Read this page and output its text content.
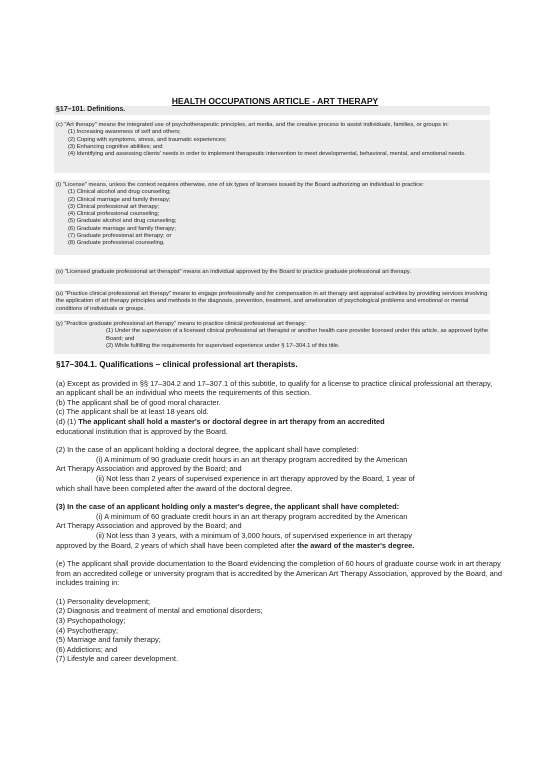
HEALTH OCCUPATIONS ARTICLE - ART THERAPY

§17–101. Definitions.

(c) "Art therapy" means the integrated use of psychotherapeutic principles, art media, and the creative process to assist individuals, families, or groups in:

(1) Increasing awareness of self and others;

(2) Coping with symptoms, stress, and traumatic experiences;

(3) Enhancing cognitive abilities; and

(4) Identifying and assessing clients' needs in order to implement therapeutic intervention to meet developmental, behavioral, mental, and emotional needs.

(l) "License" means, unless the context requires otherwise, one of six types of licenses issued by the Board authorizing an individual to practice:

(1) Clinical alcohol and drug counseling;

(2) Clinical marriage and family therapy;

(3) Clinical professional art therapy;

(4) Clinical professional counseling;

(5) Graduate alcohol and drug counseling;

(6) Graduate marriage and family therapy;

(7) Graduate professional art therapy; or

(8) Graduate professional counseling.

(o) "Licensed graduate professional art therapist" means an individual approved by the Board to practice graduate professional art therapy.

(u) "Practice clinical professional art therapy" means to engage professionally and for compensation in art therapy and appraisal activities by providing services involving the application of art therapy principles and methods in the diagnosis, prevention, treatment, and amelioration of psychological problems and emotional or mental conditions of individuals or groups.

(y) "Practice graduate professional art therapy" means to practice clinical professional art therapy:

(1) Under the supervision of a licensed clinical professional art therapist or another health care provider licensed under this article, as approved bythe Board; and

(2) While fulfilling the requirements for supervised experience under § 17–304.1 of this title.

§17–304.1. Qualifications – clinical professional art therapists.

(a) Except as provided in §§ 17–304.2 and 17–307.1 of this subtitle, to qualify for a license to practice clinical professional art therapy, an applicant shall be an individual who meets the requirements of this section.

(b) The applicant shall be of good moral character.

(c) The applicant shall be at least 18 years old.

(d) (1) The applicant shall hold a master's or doctoral degree in art therapy from an accredited

educational institution that is approved by the Board.

(2) In the case of an applicant holding a doctoral degree, the applicant shall have completed:

(i) A minimum of 90 graduate credit hours in an art therapy program accredited by the American

Art Therapy Association and approved by the Board; and

(ii) Not less than 2 years of supervised experience in art therapy approved by the Board, 1 year of

which shall have been completed after the award of the doctoral degree.

(3) In the case of an applicant holding only a master's degree, the applicant shall have completed:

(i) A minimum of 60 graduate credit hours in an art therapy program accredited by the American

Art Therapy Association and approved by the Board; and

(ii) Not less than 3 years, with a minimum of 3,000 hours, of supervised experience in art therapy

approved by the Board, 2 years of which shall have been completed after the award of the master's degree.

(e) The applicant shall provide documentation to the Board evidencing the completion of 60 hours of graduate course work in art therapy from an accredited college or university program that is accredited by the American Art Therapy Association, approved by the Board, and includes training in:

(1) Personality development;

(2) Diagnosis and treatment of mental and emotional disorders;

(3) Psychopathology;

(4) Psychotherapy;

(5) Marriage and family therapy;

(6) Addictions; and

(7) Lifestyle and career development.
